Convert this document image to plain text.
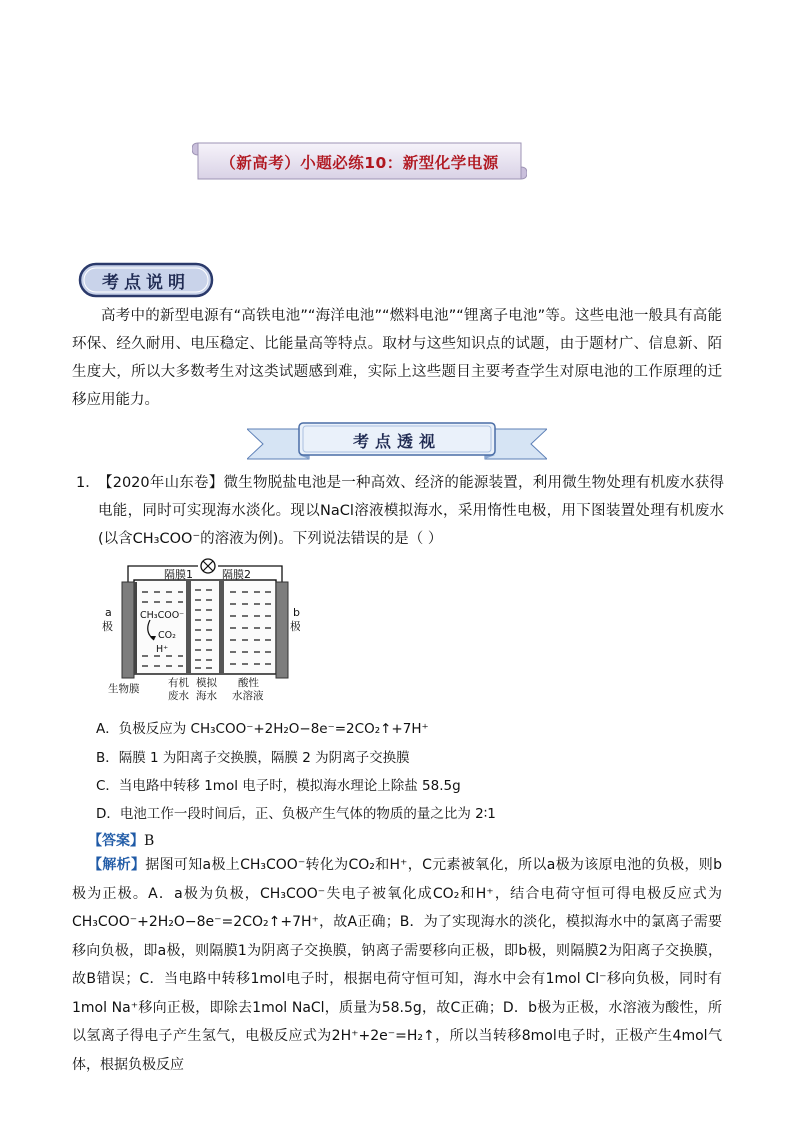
（新高考）小题必练10：新型化学电源
考点说明
高考中的新型电源有“高铁电池”“海洋电池”“燃料电池”“锂离子电池”等。这些电池一般具有高能环保、经久耐用、电压稳定、比能量高等特点。取材与这些知识点的试题，由于题材广、信息新、陌生度大，所以大多数考生对这类试题感到难，实际上这些题目主要考查学生对原电池的工作原理的迁移应用能力。
考点透视
1．
【2020年山东卷】微生物脱盐电池是一种高效、经济的能源装置，利用微生物处理有机废水获得电能，同时可实现海水淡化。现以NaCl溶液模拟海水，采用惰性电极，用下图装置处理有机废水(以含CH₃COO⁻的溶液为例)。下列说法错误的是（ ）
隔膜1	隔膜2
a
极
b
极
CH₃COO⁻
CO₂
H⁺
生物膜	有机
废水
模拟
海水
酸性
水溶液
A．负极反应为 CH₃COO⁻+2H₂O−8e⁻=2CO₂↑+7H⁺
B．隔膜 1 为阳离子交换膜，隔膜 2 为阴离子交换膜
C．当电路中转移 1mol 电子时，模拟海水理论上除盐 58.5g
D．电池工作一段时间后，正、负极产生气体的物质的量之比为 2∶1
【答案】B
【解析】据图可知a极上CH₃COO⁻转化为CO₂和H⁺，C元素被氧化，所以a极为该原电池的负极，则b极为正极。A．a极为负极，CH₃COO⁻失电子被氧化成CO₂和H⁺，结合电荷守恒可得电极反应式为CH₃COO⁻+2H₂O−8e⁻=2CO₂↑+7H⁺，故A正确；B．为了实现海水的淡化，模拟海水中的氯离子需要移向负极，即a极，则隔膜1为阴离子交换膜，钠离子需要移向正极，即b极，则隔膜2为阳离子交换膜，故B错误；C．当电路中转移1mol电子时，根据电荷守恒可知，海水中会有1mol Cl⁻移向负极，同时有1mol Na⁺移向正极，即除去1mol NaCl，质量为58.5g，故C正确；D．b极为正极，水溶液为酸性，所以氢离子得电子产生氢气，电极反应式为2H⁺+2e⁻=H₂↑，所以当转移8mol电子时，正极产生4mol气体，根据负极反应
